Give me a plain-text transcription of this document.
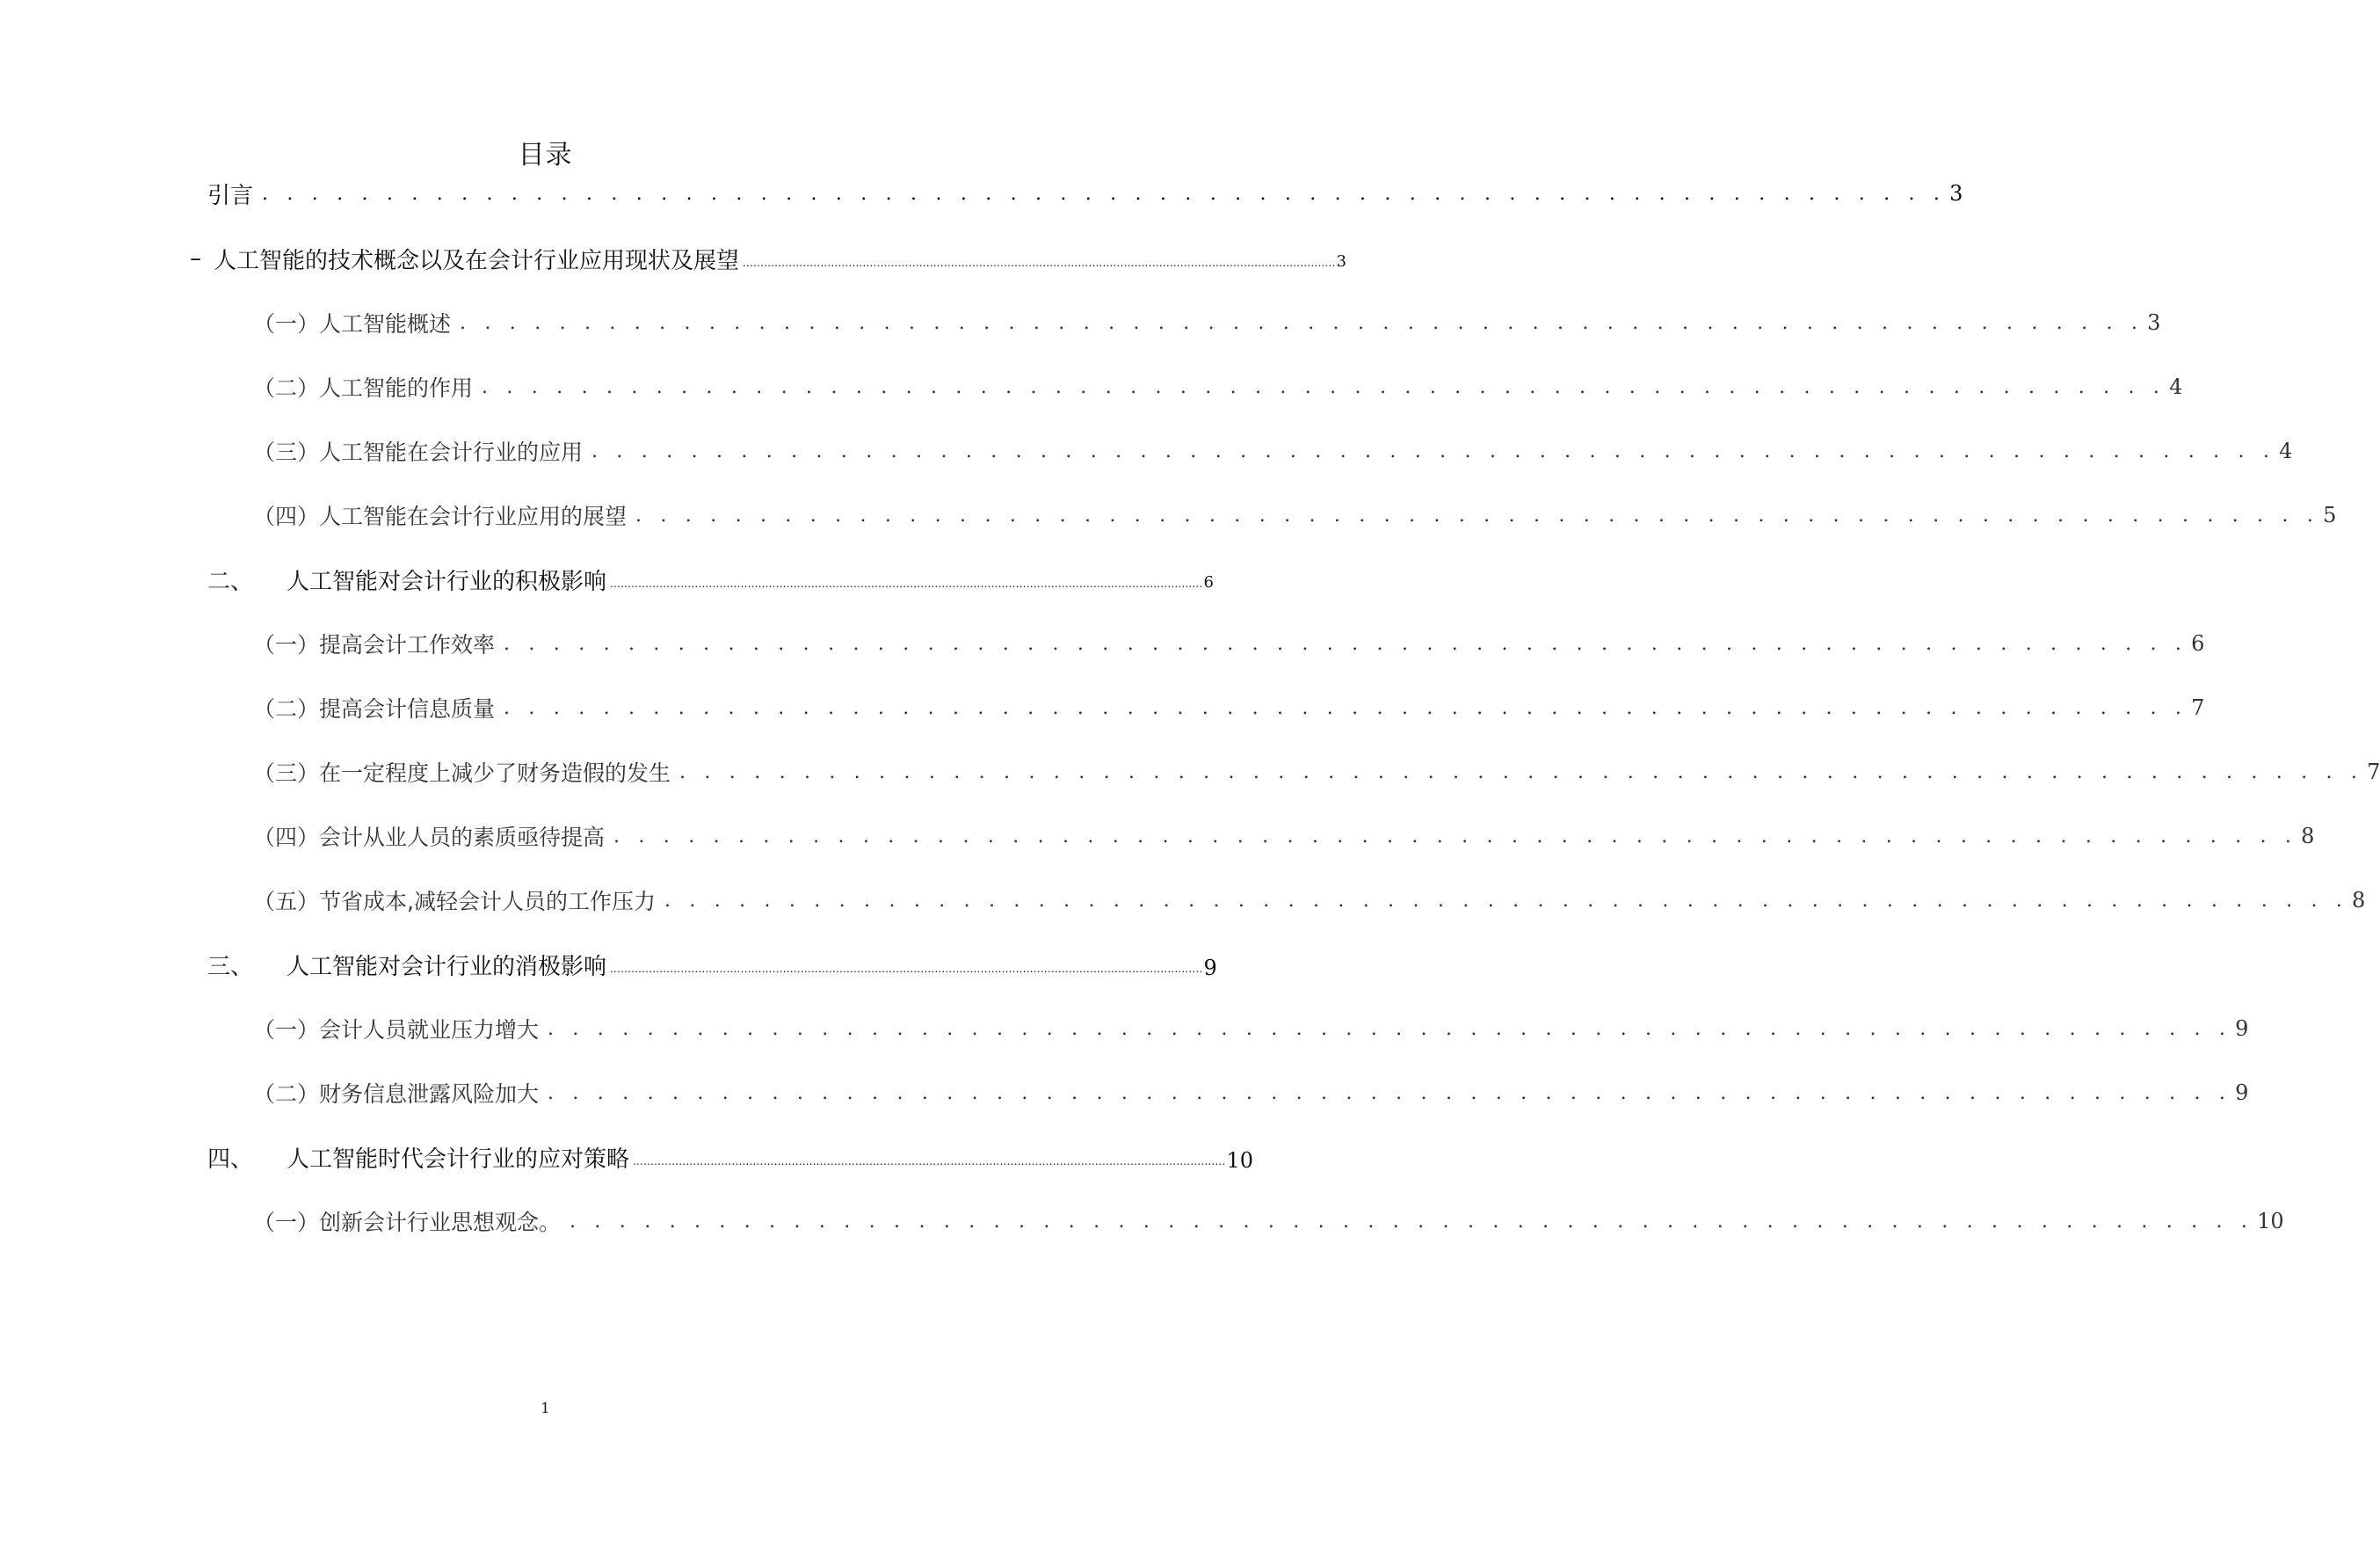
目录
引言 . . . . . . . . . . . . . . . . . . . . . . . . . . . . . . . . . . . . . . . . . . . . . . . . . . . . . . . . . . . . . . . . . . . . 3
– 人工智能的技术概念以及在会计行业应用现状及展望 ........................................................................................................................................................................ 3
（一） 人工智能概述 . . . . . . . . . . . . . . . . . . . . . . . . . . . . . . . . . . . . . . . . . . . . . . . . . . . . . . . . . . . . . . . . . . . . 3
（二） 人工智能的作用 . . . . . . . . . . . . . . . . . . . . . . . . . . . . . . . . . . . . . . . . . . . . . . . . . . . . . . . . . . . . . . . . . . . . 4
（三） 人工智能在会计行业的应用 . . . . . . . . . . . . . . . . . . . . . . . . . . . . . . . . . . . . . . . . . . . . . . . . . . . . . . . . . . . . . . . . . . . . 4
（四） 人工智能在会计行业应用的展望 . . . . . . . . . . . . . . . . . . . . . . . . . . . . . . . . . . . . . . . . . . . . . . . . . . . . . . . . . . . . . . . . . . . . 5
二、 人工智能对会计行业的积极影响 ........................................................................................................................................................................ 6
（一） 提高会计工作效率 . . . . . . . . . . . . . . . . . . . . . . . . . . . . . . . . . . . . . . . . . . . . . . . . . . . . . . . . . . . . . . . . . . . . 6
（二） 提高会计信息质量 . . . . . . . . . . . . . . . . . . . . . . . . . . . . . . . . . . . . . . . . . . . . . . . . . . . . . . . . . . . . . . . . . . . . 7
（三） 在一定程度上减少了财务造假的发生 . . . . . . . . . . . . . . . . . . . . . . . . . . . . . . . . . . . . . . . . . . . . . . . . . . . . . . . . . . . . . . . . . . . . 7
（四） 会计从业人员的素质亟待提高 . . . . . . . . . . . . . . . . . . . . . . . . . . . . . . . . . . . . . . . . . . . . . . . . . . . . . . . . . . . . . . . . . . . . 8
（五） 节省成本,减轻会计人员的工作压力 . . . . . . . . . . . . . . . . . . . . . . . . . . . . . . . . . . . . . . . . . . . . . . . . . . . . . . . . . . . . . . . . . . . . 8
三、 人工智能对会计行业的消极影响 ........................................................................................................................................................................ 9
（一） 会计人员就业压力增大 . . . . . . . . . . . . . . . . . . . . . . . . . . . . . . . . . . . . . . . . . . . . . . . . . . . . . . . . . . . . . . . . . . . . 9
（二） 财务信息泄露风险加大 . . . . . . . . . . . . . . . . . . . . . . . . . . . . . . . . . . . . . . . . . . . . . . . . . . . . . . . . . . . . . . . . . . . . 9
四、 人工智能时代会计行业的应对策略 ........................................................................................................................................................................ 10
（一） 创新会计行业思想观念。 . . . . . . . . . . . . . . . . . . . . . . . . . . . . . . . . . . . . . . . . . . . . . . . . . . . . . . . . . . . . . . . . . . . . 10
1
